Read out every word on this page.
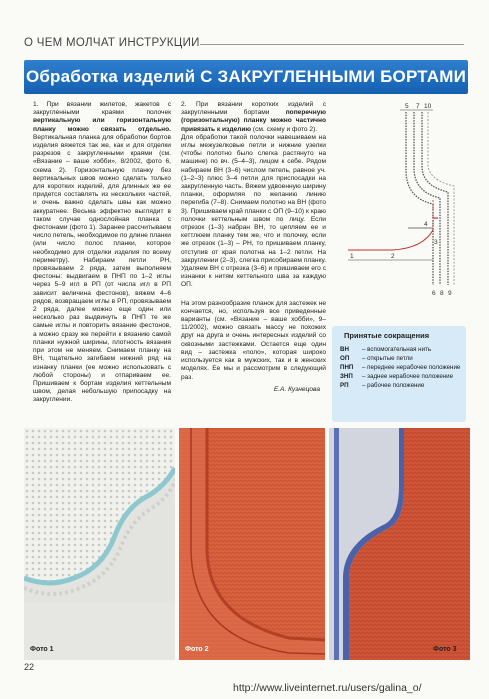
О ЧЕМ МОЛЧАТ ИНСТРУКЦИИ
Обработка изделий С ЗАКРУГЛЕННЫМИ БОРТАМИ

1. При вязании жилетов, жакетов с закругленными краями полочек вертикальную или горизонтальную планку можно связать отдельно. Вертикальная планка для обработки бортов изделия вяжется так же, как и для отделки разрезов с закругленными краями (см. «Вязание – ваше хобби», 8/2002, фото 6, схема 2). Горизонтальную планку без вертикальных швов можно сделать только для коротких изделий, для длинных же ее придется составлять из нескольких частей, и очень важно сделать швы как можно аккуратнее. Весьма эффектно выглядит в таком случае однослойная планка с фестонами (фото 1). Заранее рассчитываем число петель, необходимое по длине планки (или число полос планки, которое необходимо для отделки изделия по всему периметру). Набираем петли РН, провязываем 2 ряда, затем выполняем фестоны: выдвигаем в ПНП по 1–2 иглы через 5–9 игл в РП (от числа игл в РП зависит величина фестонов), вяжем 4–6 рядов, возвращаем иглы в РП, провязываем 2 ряда, далее можно еще один или несколько раз выдвинуть в ПНП те же самые иглы и повторить вязание фестонов, а можно сразу же перейти к вязанию самой планки нужной ширины, плотность вязания при этом не меняем. Снимаем планку на ВН, тщательно загибаем нижний ряд на изнанку планки (ее можно использовать с любой стороны) и отпариваем ее. Пришиваем к бортам изделия кеттельным швом, делая небольшую припосадку на закруглении.

2. При вязании коротких изделий с закругленными бортами поперечную (горизонтальную) планку можно частично привязать к изделию (см. схему и фото 2).

Для обработки такой полочки навешиваем на иглы межузелковые петли и нижние узелки (чтобы полотно было слегка растянуто на машине) по вч. (5–4–3), лицом к себе. Рядом набираем ВН (3–6) числом петель, равное уч. (1–2–3) плюс 3–4 петли для приспосадки на закругленную часть. Вяжем удвоенную ширину планки, оформляя по желанию линию перегиба (7–8). Снимаем полотно на ВН (фото 3). Пришиваем край планки с ОП (9–10) к краю полочки кеттельным швом по лицу. Если отрезок (1–3) набран ВН, то цепляем ее и кеттлюем планку тем же, что и полочку, если же отрезок (1–3) – РН, то пришиваем планку, отступив от края полотна на 1–2 петли. На закруглении (2–3), слегка присобираем планку. Удаляем ВН с отрезка (3–6) и пришиваем его с изнанки к нитям кеттельного шва за каждую ОП.

На этом разнообразие планок для застежек не кончается, но, используя все приведенные варианты (см. «Вязание – ваше хобби», 9–11/2002), можно связать массу не похожих друг на друга и очень интересных изделий со сквозными застежками. Остается еще один вид – застежка «поло», которая широко используется как в мужских, так и в женских моделях. Ее мы и рассмотрим в следующий раз.

Е.А. Кузнецова

5 7 10
4
1	2
3
6 8 9
Принятые сокращения
ВН	– вспомогательная нить
ОП	– открытые петли
ПНП	– переднее нерабочее положение
ЗНП	– заднее нерабочее положение
РП	– рабочее положение
Фото 1	Фото 2	Фото 3
22
http://www.liveinternet.ru/users/galina_o/
